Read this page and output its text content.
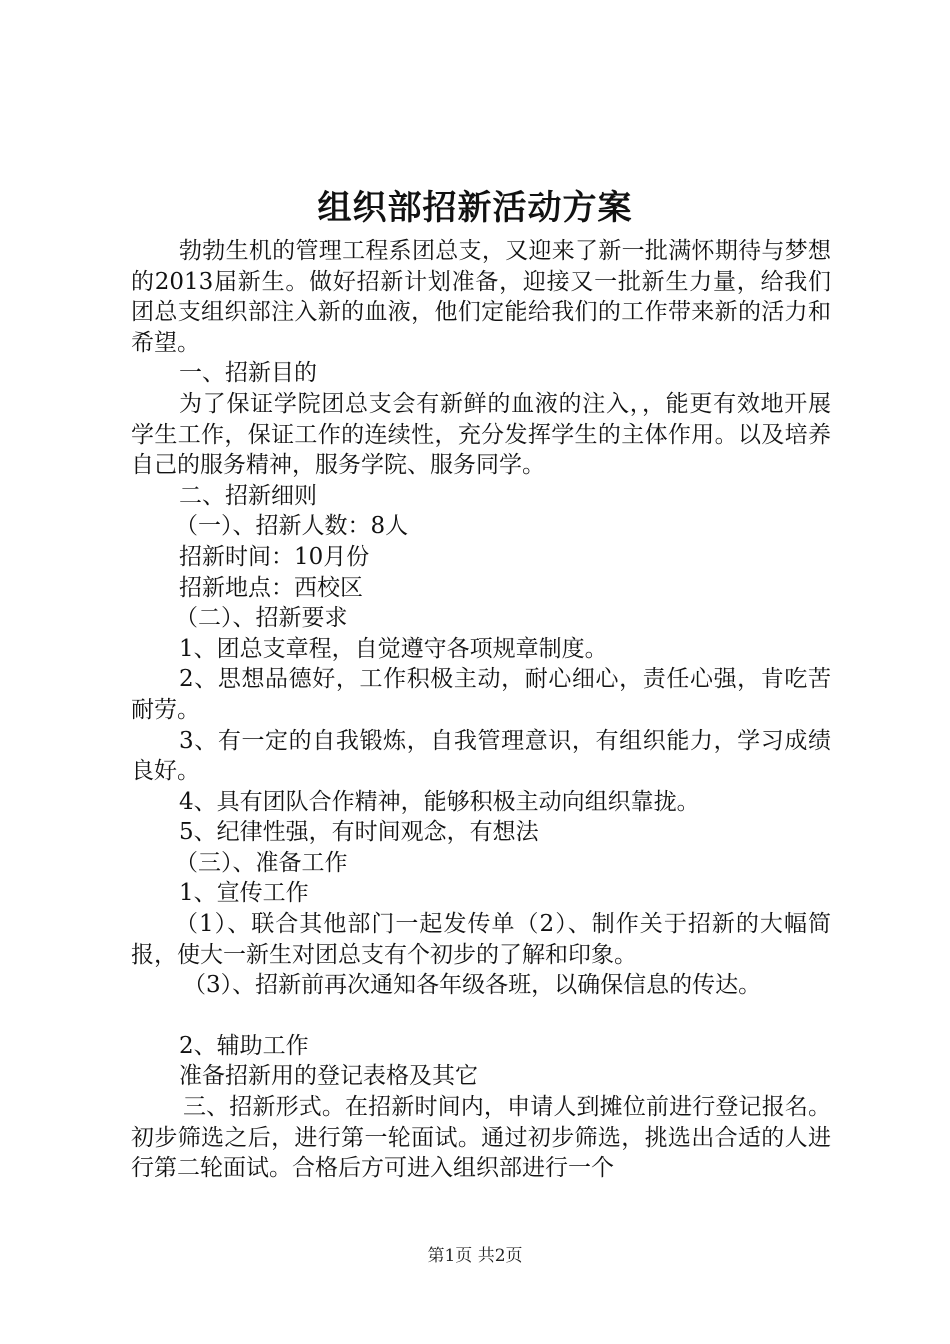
组织部招新活动方案

勃勃生机的管理工程系团总支，又迎来了新一批满怀期待与梦想的2013届新生。做好招新计划准备，迎接又一批新生力量，给我们团总支组织部注入新的血液，他们定能给我们的工作带来新的活力和希望。

一、招新目的

为了保证学院团总支会有新鲜的血液的注入，，能更有效地开展学生工作，保证工作的连续性，充分发挥学生的主体作用。以及培养自己的服务精神，服务学院、服务同学。

二、招新细则

（一）、招新人数：8人

招新时间：10月份

招新地点：西校区

（二）、招新要求

1、团总支章程，自觉遵守各项规章制度。

2、思想品德好，工作积极主动，耐心细心，责任心强，肯吃苦耐劳。

3、有一定的自我锻炼，自我管理意识，有组织能力，学习成绩良好。

4、具有团队合作精神，能够积极主动向组织靠拢。

5、纪律性强，有时间观念，有想法

（三）、准备工作

1、宣传工作

（1）、联合其他部门一起发传单（2）、制作关于招新的大幅简报，使大一新生对团总支有个初步的了解和印象。

（3）、招新前再次通知各年级各班，以确保信息的传达。

2、辅助工作

准备招新用的登记表格及其它

三、招新形式。在招新时间内，申请人到摊位前进行登记报名。初步筛选之后，进行第一轮面试。通过初步筛选，挑选出合适的人进行第二轮面试。合格后方可进入组织部进行一个

第1页 共2页
